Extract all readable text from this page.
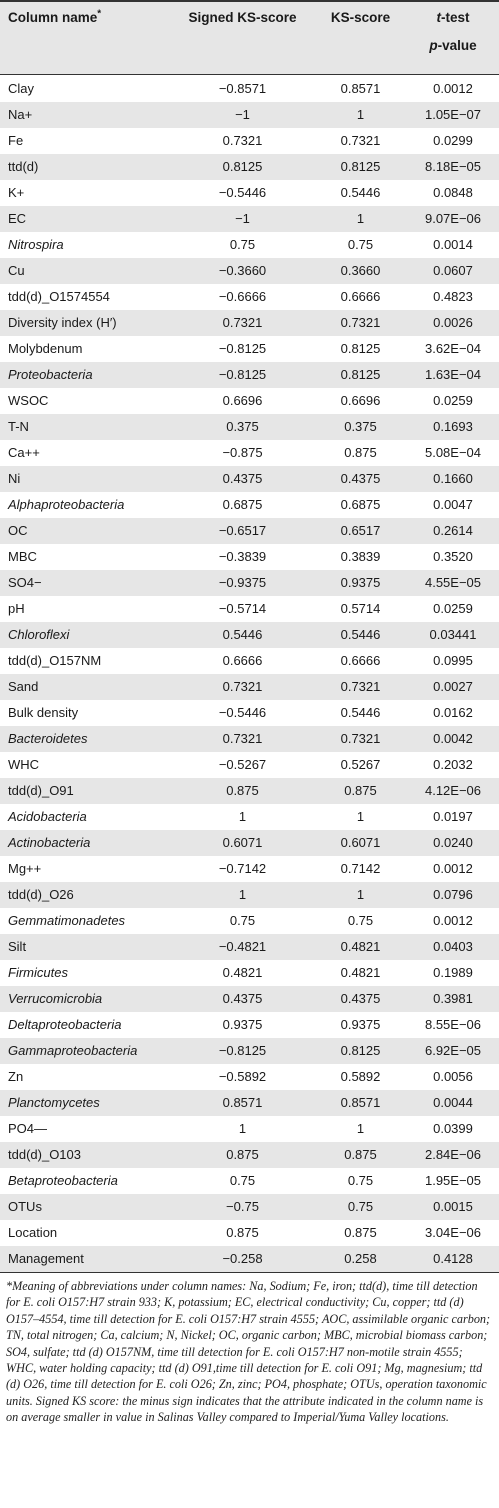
Column name*	Signed KS-score	KS-score	t-test
p-value
Clay	−0.8571	0.8571	0.0012
Na+	−1	1	1.05E−07
Fe	0.7321	0.7321	0.0299
ttd(d)	0.8125	0.8125	8.18E−05
K+	−0.5446	0.5446	0.0848
EC	−1	1	9.07E−06
Nitrospira	0.75	0.75	0.0014
Cu	−0.3660	0.3660	0.0607
tdd(d)_O1574554	−0.6666	0.6666	0.4823
Diversity index (H′)	0.7321	0.7321	0.0026
Molybdenum	−0.8125	0.8125	3.62E−04
Proteobacteria	−0.8125	0.8125	1.63E−04
WSOC	0.6696	0.6696	0.0259
T-N	0.375	0.375	0.1693
Ca++	−0.875	0.875	5.08E−04
Ni	0.4375	0.4375	0.1660
Alphaproteobacteria	0.6875	0.6875	0.0047
OC	−0.6517	0.6517	0.2614
MBC	−0.3839	0.3839	0.3520
SO4−	−0.9375	0.9375	4.55E−05
pH	−0.5714	0.5714	0.0259
Chloroflexi	0.5446	0.5446	0.03441
tdd(d)_O157NM	0.6666	0.6666	0.0995
Sand	0.7321	0.7321	0.0027
Bulk density	−0.5446	0.5446	0.0162
Bacteroidetes	0.7321	0.7321	0.0042
WHC	−0.5267	0.5267	0.2032
tdd(d)_O91	0.875	0.875	4.12E−06
Acidobacteria	1	1	0.0197
Actinobacteria	0.6071	0.6071	0.0240
Mg++	−0.7142	0.7142	0.0012
tdd(d)_O26	1	1	0.0796
Gemmatimonadetes	0.75	0.75	0.0012
Silt	−0.4821	0.4821	0.0403
Firmicutes	0.4821	0.4821	0.1989
Verrucomicrobia	0.4375	0.4375	0.3981
Deltaproteobacteria	0.9375	0.9375	8.55E−06
Gammaproteobacteria	−0.8125	0.8125	6.92E−05
Zn	−0.5892	0.5892	0.0056
Planctomycetes	0.8571	0.8571	0.0044
PO4—	1	1	0.0399
tdd(d)_O103	0.875	0.875	2.84E−06
Betaproteobacteria	0.75	0.75	1.95E−05
OTUs	−0.75	0.75	0.0015
Location	0.875	0.875	3.04E−06
Management	−0.258	0.258	0.4128
*Meaning of abbreviations under column names: Na, Sodium; Fe, iron; ttd(d), time till detection for E. coli O157:H7 strain 933; K, potassium; EC, electrical conductivity; Cu, copper; ttd (d) O157–4554, time till detection for E. coli O157:H7 strain 4555; AOC, assimilable organic carbon; TN, total nitrogen; Ca, calcium; N, Nickel; OC, organic carbon; MBC, microbial biomass carbon; SO4, sulfate; ttd (d) O157NM, time till detection for E. coli O157:H7 non-motile strain 4555; WHC, water holding capacity; ttd (d) O91,time till detection for E. coli O91; Mg, magnesium; ttd (d) O26, time till detection for E. coli O26; Zn, zinc; PO4, phosphate; OTUs, operation taxonomic units. Signed KS score: the minus sign indicates that the attribute indicated in the column name is on average smaller in value in Salinas Valley compared to Imperial/Yuma Valley locations.
